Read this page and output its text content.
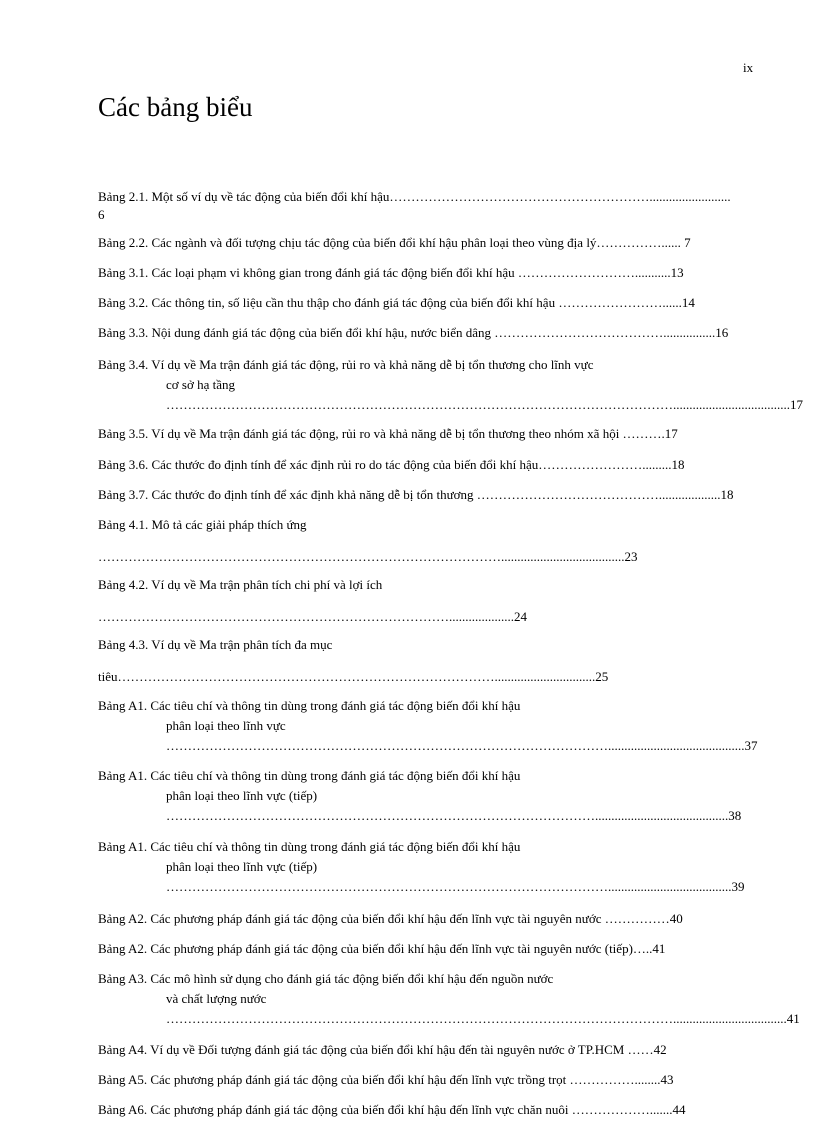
ix
Các bảng biểu
Bảng 2.1. Một số ví dụ về tác động của biến đổi khí hậu…………………………………………………….........................
6
Bảng 2.2. Các ngành và đối tượng chịu tác động của biến đổi khí hậu phân loại theo vùng địa lý……………...... 7
Bảng 3.1. Các loại phạm vi không gian trong đánh giá tác động biến đổi khí hậu ………………………...........13
Bảng 3.2. Các thông tin, số liệu cần thu thập cho đánh giá tác động của biến đổi khí hậu ……………………......14
Bảng 3.3. Nội dung đánh giá tác động của biến đổi khí hậu, nước biển dâng …………………………………................16
Bảng 3.4. Ví dụ về Ma trận đánh giá tác động, rủi ro và khả năng dễ bị tổn thương cho lĩnh vực
cơ sở hạ tầng
………………………………………………………………………………………………………....................................17
Bảng 3.5. Ví dụ về Ma trận đánh giá tác động, rủi ro và khả năng dễ bị tổn thương theo nhóm xã hội ……….17
Bảng 3.6. Các thước đo định tính để xác định rủi ro do tác động của biến đổi khí hậu…………………….........18
Bảng 3.7. Các thước đo định tính để xác định khả năng dễ bị tổn thương ……………………………………...................18
Bảng 4.1. Mô tả các giải pháp thích ứng
…………………………………………………………………………………......................................23
Bảng 4.2. Ví dụ về Ma trận phân tích chi phí và lợi ích
………………………………………………………………………....................24
Bảng 4.3. Ví dụ về Ma trận phân tích đa mục
tiêu……………………………………………………………………………...............................25
Bảng A1. Các tiêu chí và thông tin dùng trong đánh giá tác động biến đổi khí hậu
phân loại theo lĩnh vực
…………………………………………………………………………………………..........................................37
Bảng A1. Các tiêu chí và thông tin dùng trong đánh giá tác động biến đổi khí hậu
phân loại theo lĩnh vực (tiếp)
……………………………………………………………………………………….........................................38
Bảng A1. Các tiêu chí và thông tin dùng trong đánh giá tác động biến đổi khí hậu
phân loại theo lĩnh vực (tiếp)
…………………………………………………………………………………………......................................39
Bảng A2. Các phương pháp đánh giá tác động của biến đổi khí hậu đến lĩnh vực tài nguyên nước ……………40
Bảng A2. Các phương pháp đánh giá tác động của biến đổi khí hậu đến lĩnh vực tài nguyên nước (tiếp)…..41
Bảng A3. Các mô hình sử dụng cho đánh giá tác động biến đổi khí hậu đến nguồn nước
và chất lượng nước
………………………………………………………………………………………………………...................................41
Bảng A4. Ví dụ về Đối tượng đánh giá tác động của biến đổi khí hậu đến tài nguyên nước ở TP.HCM ……42
Bảng A5. Các phương pháp đánh giá tác động của biến đổi khí hậu đến lĩnh vực trồng trọt ……………........43
Bảng A6. Các phương pháp đánh giá tác động của biến đổi khí hậu đến lĩnh vực chăn nuôi ……………….......44
